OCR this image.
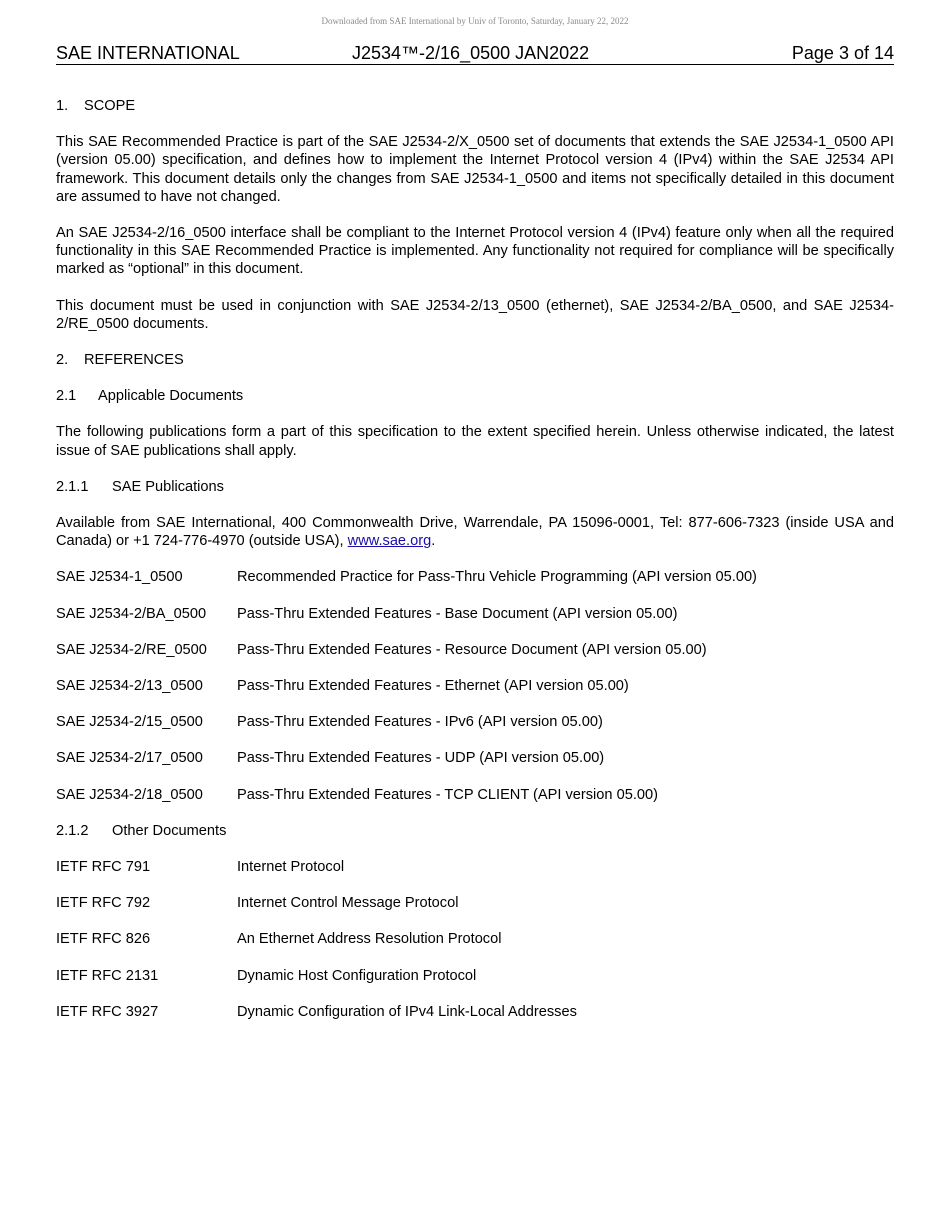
Downloaded from SAE International by Univ of Toronto, Saturday, January 22, 2022
SAE INTERNATIONAL	J2534™-2/16_0500 JAN2022	Page 3 of 14
1. SCOPE

This SAE Recommended Practice is part of the SAE J2534-2/X_0500 set of documents that extends the SAE J2534-1_0500 API (version 05.00) specification, and defines how to implement the Internet Protocol version 4 (IPv4) within the SAE J2534 API framework. This document details only the changes from SAE J2534-1_0500 and items not specifically detailed in this document are assumed to have not changed.

An SAE J2534-2/16_0500 interface shall be compliant to the Internet Protocol version 4 (IPv4) feature only when all the required functionality in this SAE Recommended Practice is implemented. Any functionality not required for compliance will be specifically marked as “optional” in this document.

This document must be used in conjunction with SAE J2534-2/13_0500 (ethernet), SAE J2534-2/BA_0500, and SAE J2534-2/RE_0500 documents.

2. REFERENCES
2.1 Applicable Documents

The following publications form a part of this specification to the extent specified herein. Unless otherwise indicated, the latest issue of SAE publications shall apply.

2.1.1 SAE Publications

Available from SAE International, 400 Commonwealth Drive, Warrendale, PA 15096-0001, Tel: 877-606-7323 (inside USA and Canada) or +1 724-776-4970 (outside USA), www.sae.org.

SAE J2534-1_0500	Recommended Practice for Pass-Thru Vehicle Programming (API version 05.00)
SAE J2534-2/BA_0500	Pass-Thru Extended Features - Base Document (API version 05.00)
SAE J2534-2/RE_0500	Pass-Thru Extended Features - Resource Document (API version 05.00)
SAE J2534-2/13_0500	Pass-Thru Extended Features - Ethernet (API version 05.00)
SAE J2534-2/15_0500	Pass-Thru Extended Features - IPv6 (API version 05.00)
SAE J2534-2/17_0500	Pass-Thru Extended Features - UDP (API version 05.00)
SAE J2534-2/18_0500	Pass-Thru Extended Features - TCP CLIENT (API version 05.00)
2.1.2 Other Documents
IETF RFC 791	Internet Protocol
IETF RFC 792	Internet Control Message Protocol
IETF RFC 826	An Ethernet Address Resolution Protocol
IETF RFC 2131	Dynamic Host Configuration Protocol
IETF RFC 3927	Dynamic Configuration of IPv4 Link-Local Addresses
